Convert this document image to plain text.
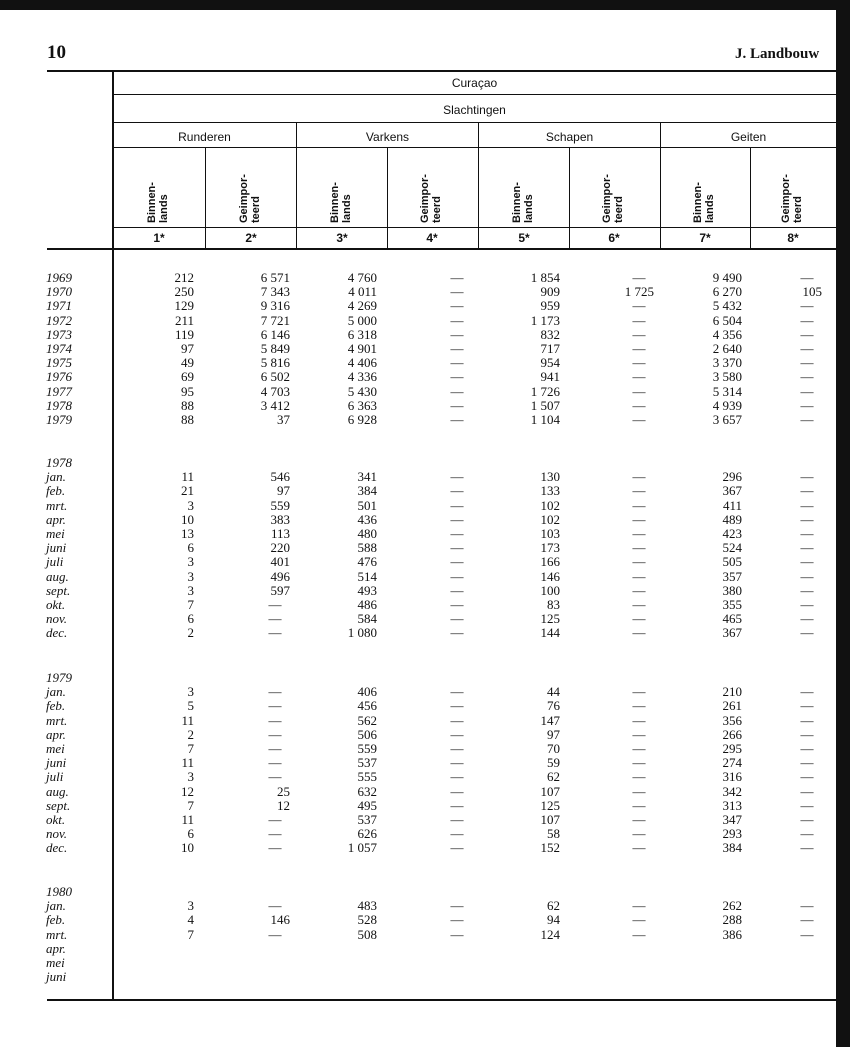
10	J. Landbouw
Curaçao
Slachtingen
Runderen	Varkens	Schapen	Geiten
Binnen-
lands	Geimpor-
teerd	Binnen-
lands	Geimpor-
teerd	Binnen-
lands	Geimpor-
teerd	Binnen-
lands	Geimpor-
teerd
1*	2*	3*	4*	5*	6*	7*	8*
1969	212	6 571	4 760	—	1 854	—	9 490	—
1970	250	7 343	4 011	—	909	1 725	6 270	105
1971	129	9 316	4 269	—	959	—	5 432	—
1972	211	7 721	5 000	—	1 173	—	6 504	—
1973	119	6 146	6 318	—	832	—	4 356	—
1974	97	5 849	4 901	—	717	—	2 640	—
1975	49	5 816	4 406	—	954	—	3 370	—
1976	69	6 502	4 336	—	941	—	3 580	—
1977	95	4 703	5 430	—	1 726	—	5 314	—
1978	88	3 412	6 363	—	1 507	—	4 939	—
1979	88	37	6 928	—	1 104	—	3 657	—
1978
jan.	11	546	341	—	130	—	296	—
feb.	21	97	384	—	133	—	367	—
mrt.	3	559	501	—	102	—	411	—
apr.	10	383	436	—	102	—	489	—
mei	13	113	480	—	103	—	423	—
juni	6	220	588	—	173	—	524	—
juli	3	401	476	—	166	—	505	—
aug.	3	496	514	—	146	—	357	—
sept.	3	597	493	—	100	—	380	—
okt.	7	—	486	—	83	—	355	—
nov.	6	—	584	—	125	—	465	—
dec.	2	—	1 080	—	144	—	367	—
1979
jan.	3	—	406	—	44	—	210	—
feb.	5	—	456	—	76	—	261	—
mrt.	11	—	562	—	147	—	356	—
apr.	2	—	506	—	97	—	266	—
mei	7	—	559	—	70	—	295	—
juni	11	—	537	—	59	—	274	—
juli	3	—	555	—	62	—	316	—
aug.	12	25	632	—	107	—	342	—
sept.	7	12	495	—	125	—	313	—
okt.	11	—	537	—	107	—	347	—
nov.	6	—	626	—	58	—	293	—
dec.	10	—	1 057	—	152	—	384	—
1980
jan.	3	—	483	—	62	—	262	—
feb.	4	146	528	—	94	—	288	—
mrt.	7	—	508	—	124	—	386	—
apr.
mei
juni
